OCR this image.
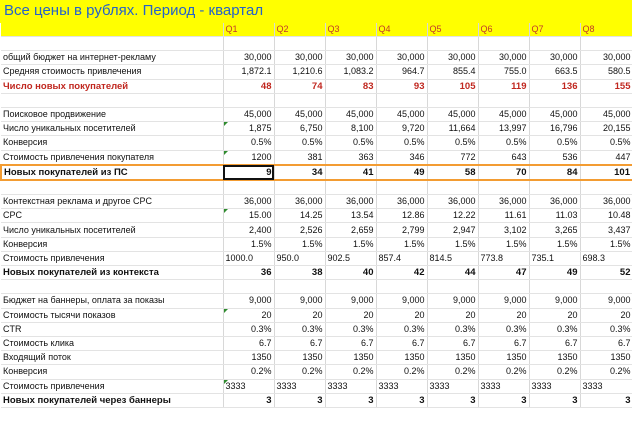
Все цены в рублях. Период - квартал
	Q1	Q2	Q3	Q4	Q5	Q6	Q7	Q8

общий бюджет на интернет-рекламу	30,000	30,000	30,000	30,000	30,000	30,000	30,000	30,000
Средняя стоимость привлечения	1,872.1	1,210.6	1,083.2	964.7	855.4	755.0	663.5	580.5
Число новых покупателей	48	74	83	93	105	119	136	155

Поисковое продвижение	45,000	45,000	45,000	45,000	45,000	45,000	45,000	45,000
Число уникальных посетителей	1,875	6,750	8,100	9,720	11,664	13,997	16,796	20,155
Конверсия	0.5%	0.5%	0.5%	0.5%	0.5%	0.5%	0.5%	0.5%
Стоимость привлечения покупателя	1200	381	363	346	772	643	536	447
Новых покупателей из ПС	9	34	41	49	58	70	84	101

Контекстная реклама и другое CPC	36,000	36,000	36,000	36,000	36,000	36,000	36,000	36,000
CPC	15.00	14.25	13.54	12.86	12.22	11.61	11.03	10.48
Число уникальных посетителей	2,400	2,526	2,659	2,799	2,947	3,102	3,265	3,437
Конверсия	1.5%	1.5%	1.5%	1.5%	1.5%	1.5%	1.5%	1.5%
Стоимость привлечения	1000.0	950.0	902.5	857.4	814.5	773.8	735.1	698.3
Новых покупателей из контекста	36	38	40	42	44	47	49	52

Бюджет на баннеры, оплата за показы	9,000	9,000	9,000	9,000	9,000	9,000	9,000	9,000
Стоимость тысячи показов	20	20	20	20	20	20	20	20
CTR	0.3%	0.3%	0.3%	0.3%	0.3%	0.3%	0.3%	0.3%
Стоимость клика	6.7	6.7	6.7	6.7	6.7	6.7	6.7	6.7
Входящий поток	1350	1350	1350	1350	1350	1350	1350	1350
Конверсия	0.2%	0.2%	0.2%	0.2%	0.2%	0.2%	0.2%	0.2%
Стоимость привлечения	3333	3333	3333	3333	3333	3333	3333	3333
Новых покупателей через баннеры	3	3	3	3	3	3	3	3
